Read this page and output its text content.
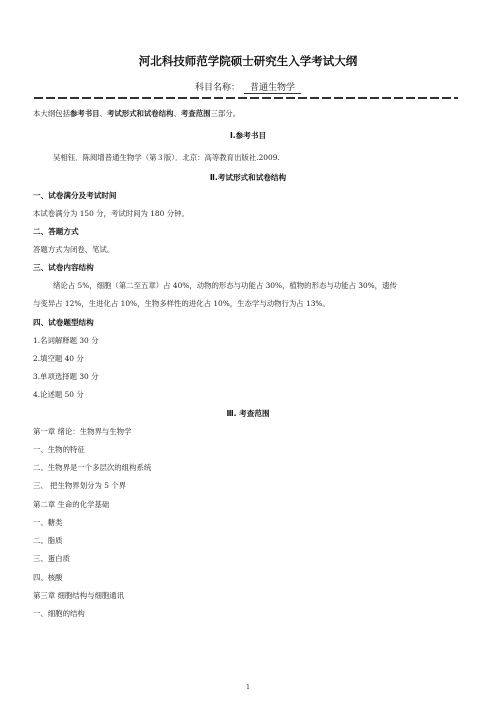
河北科技师范学院硕士研究生入学考试大纲
科目名称： 普通生物学
本大纲包括参考书目、考试形式和试卷结构、考查范围三部分。
Ⅰ.参考书目
吴相钰．陈阅增普通生物学（第３版）．北京：高等教育出版社.2009.
Ⅱ.考试形式和试卷结构
一、试卷满分及考试时间
本试卷满分为 150 分，考试时间为 180 分钟。
二、答题方式
答题方式为闭卷、笔试。
三、试卷内容结构
绪论占 5%，细胞（第二至五章）占 40%，动物的形态与功能占 30%，植物的形态与功能占 30%，遗传
与变异占 12%，生进化占 10%，生物多样性的进化占 10%，生态学与动物行为占 13%。
四、试卷题型结构
1.名词解释题 30 分
2.填空题 40 分
3.单项选择题 30 分
4.论述题 50 分
Ⅲ. 考查范围
第一章 绪论：生物界与生物学
一、生物的特征
二、生物界是一个多层次的组构系统
三、 把生物界划分为 5 个界
第二章 生命的化学基础
一、糖类
二、脂质
三、蛋白质
四、核酸
第三章 细胞结构与细胞通讯
一、细胞的结构
1
